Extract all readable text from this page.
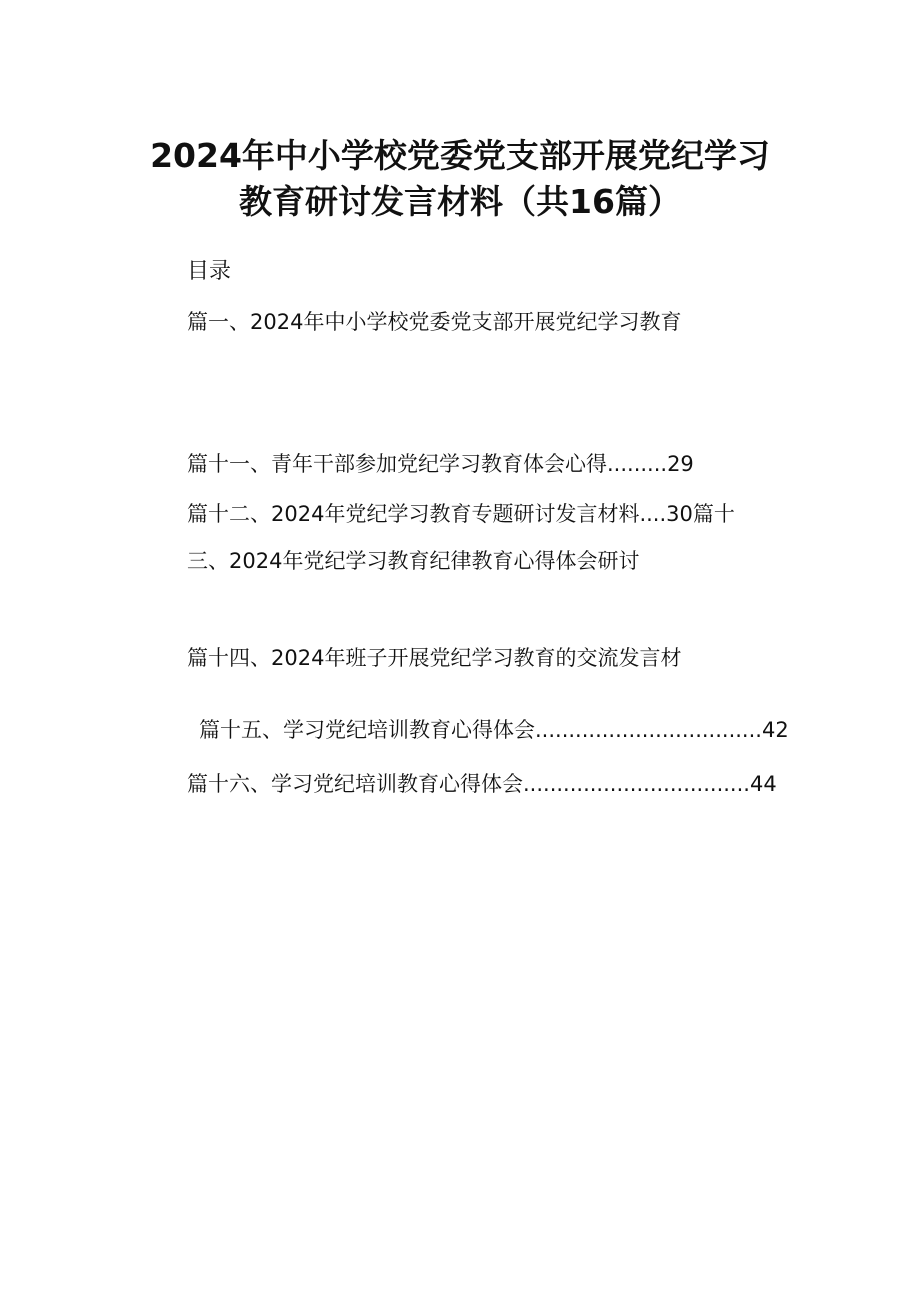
2024年中小学校党委党支部开展党纪学习
教育研讨发言材料（共16篇）
目录
篇一、2024年中小学校党委党支部开展党纪学习教育
篇十一、青年干部参加党纪学习教育体会心得.........29
篇十二、2024年党纪学习教育专题研讨发言材料....30篇十
三、2024年党纪学习教育纪律教育心得体会研讨
篇十四、2024年班子开展党纪学习教育的交流发言材
篇十五、学习党纪培训教育心得体会..................................42
篇十六、学习党纪培训教育心得体会..................................44
